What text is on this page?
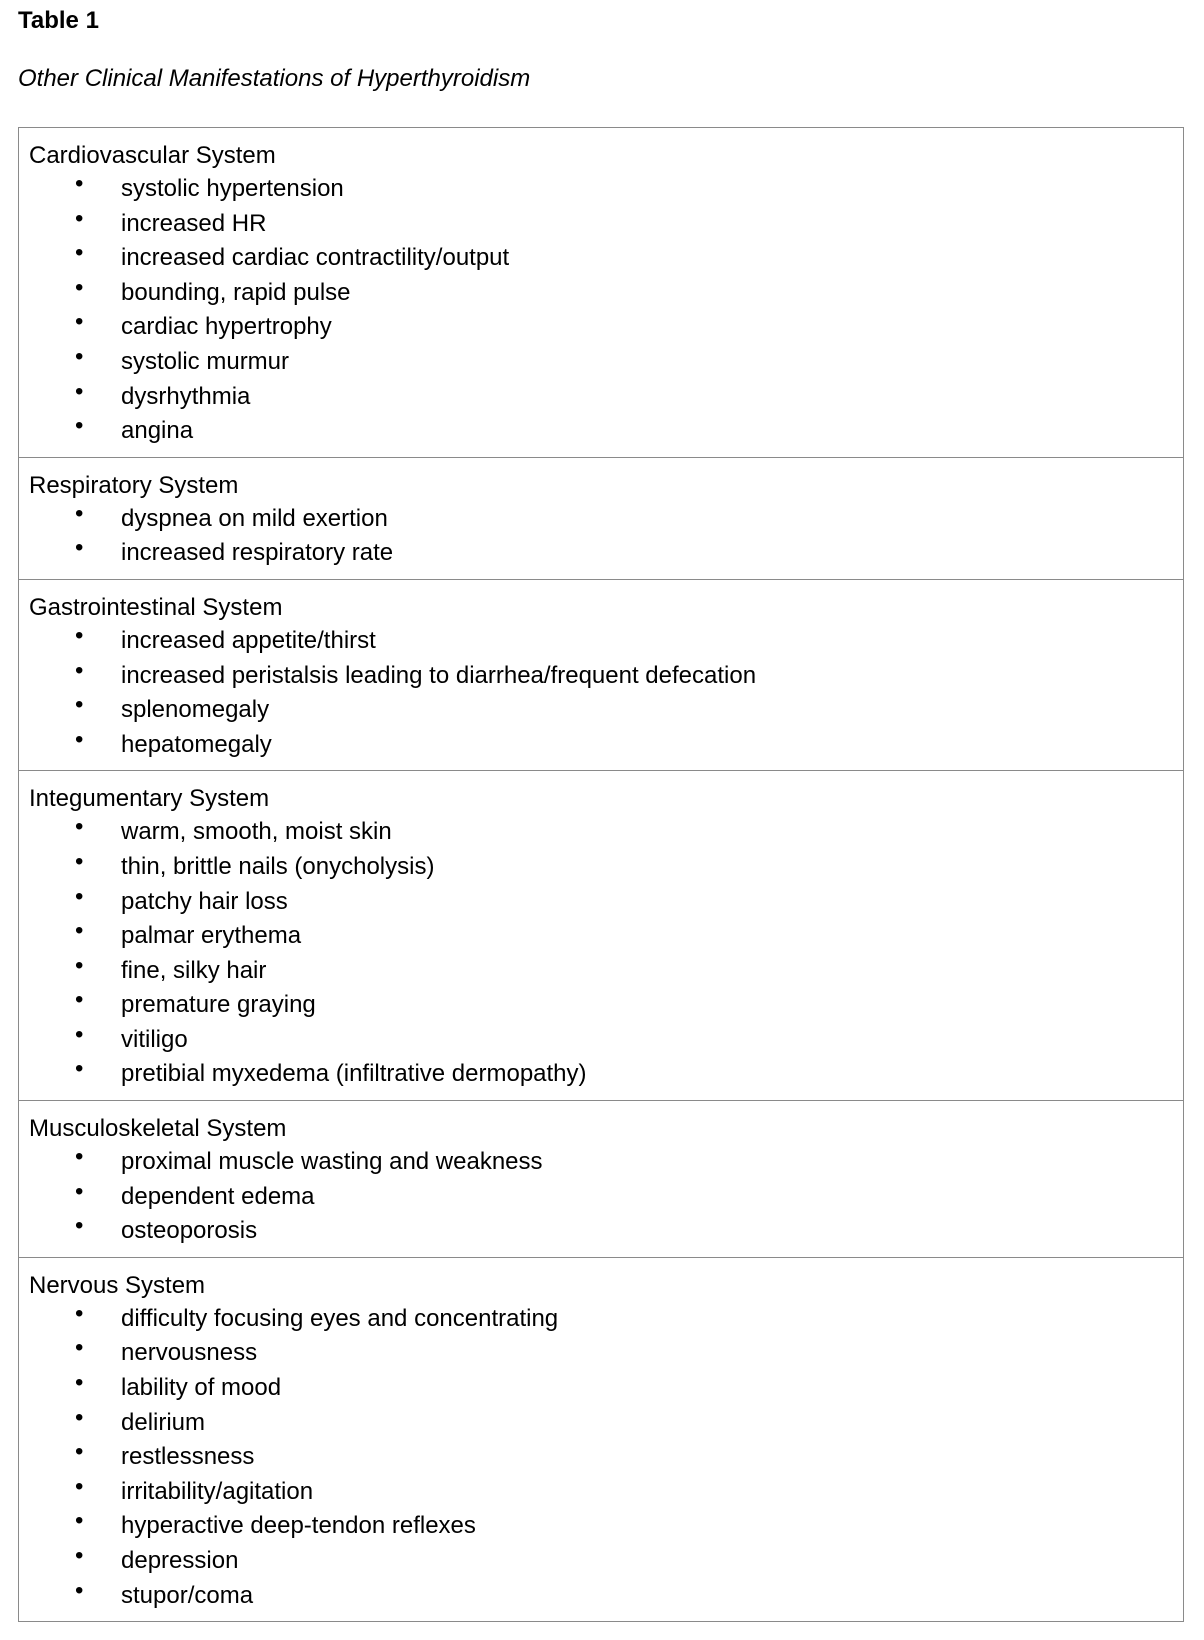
Table 1
Other Clinical Manifestations of Hyperthyroidism
Cardiovascular System
• systolic hypertension
• increased HR
• increased cardiac contractility/output
• bounding, rapid pulse
• cardiac hypertrophy
• systolic murmur
• dysrhythmia
• angina
Respiratory System
• dyspnea on mild exertion
• increased respiratory rate
Gastrointestinal System
• increased appetite/thirst
• increased peristalsis leading to diarrhea/frequent defecation
• splenomegaly
• hepatomegaly
Integumentary System
• warm, smooth, moist skin
• thin, brittle nails (onycholysis)
• patchy hair loss
• palmar erythema
• fine, silky hair
• premature graying
• vitiligo
• pretibial myxedema (infiltrative dermopathy)
Musculoskeletal System
• proximal muscle wasting and weakness
• dependent edema
• osteoporosis
Nervous System
• difficulty focusing eyes and concentrating
• nervousness
• lability of mood
• delirium
• restlessness
• irritability/agitation
• hyperactive deep-tendon reflexes
• depression
• stupor/coma
